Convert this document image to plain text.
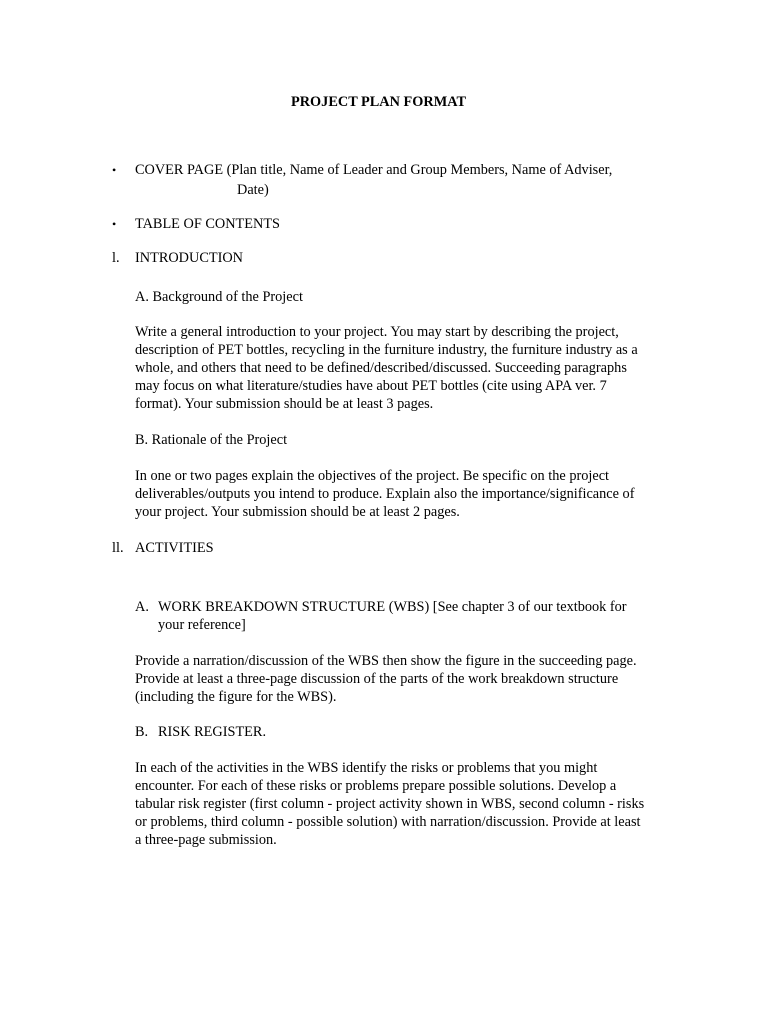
PROJECT PLAN FORMAT
• COVER PAGE (Plan title, Name of Leader and Group Members, Name of Adviser,
Date)
• TABLE OF CONTENTS
l. INTRODUCTION
A. Background of the Project
Write a general introduction to your project. You may start by describing the project,
description of PET bottles, recycling in the furniture industry, the furniture industry as a
whole, and others that need to be defined/described/discussed. Succeeding paragraphs
may focus on what literature/studies have about PET bottles (cite using APA ver. 7
format). Your submission should be at least 3 pages.
B. Rationale of the Project
In one or two pages explain the objectives of the project. Be specific on the project
deliverables/outputs you intend to produce. Explain also the importance/significance of
your project. Your submission should be at least 2 pages.
ll. ACTIVITIES
A. WORK BREAKDOWN STRUCTURE (WBS) [See chapter 3 of our textbook for
your reference]
Provide a narration/discussion of the WBS then show the figure in the succeeding page.
Provide at least a three-page discussion of the parts of the work breakdown structure
(including the figure for the WBS).
B. RISK REGISTER.
In each of the activities in the WBS identify the risks or problems that you might
encounter. For each of these risks or problems prepare possible solutions. Develop a
tabular risk register (first column - project activity shown in WBS, second column - risks
or problems, third column - possible solution) with narration/discussion. Provide at least
a three-page submission.
